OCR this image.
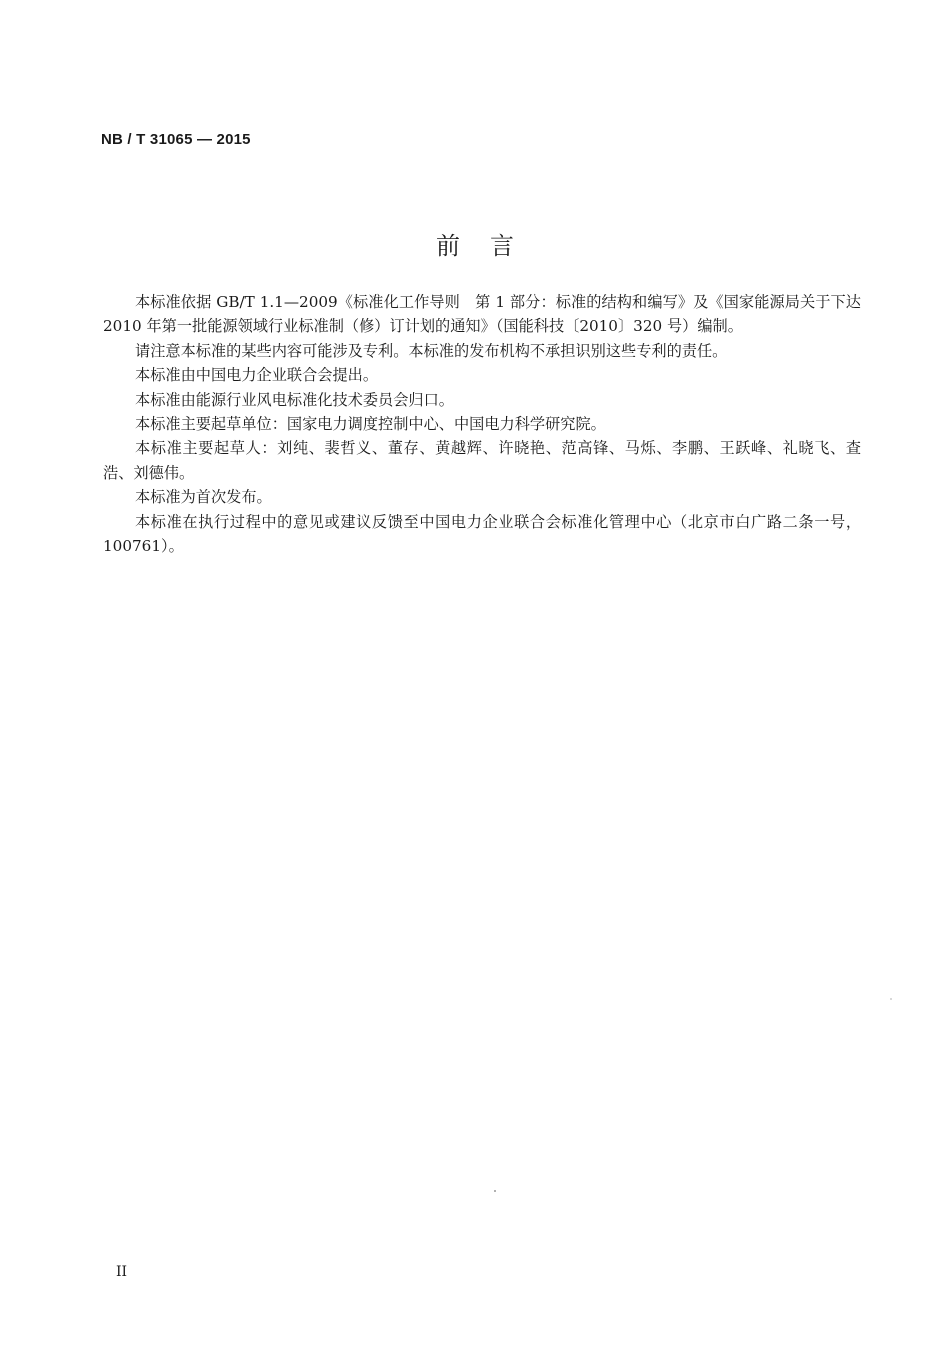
NB / T 31065 — 2015
前言

本标准依据 GB/T 1.1—2009《标准化工作导则　第 1 部分：标准的结构和编写》及《国家能源局关于下达 2010 年第一批能源领域行业标准制（修）订计划的通知》（国能科技〔2010〕320 号）编制。

请注意本标准的某些内容可能涉及专利。本标准的发布机构不承担识别这些专利的责任。

本标准由中国电力企业联合会提出。

本标准由能源行业风电标准化技术委员会归口。

本标准主要起草单位：国家电力调度控制中心、中国电力科学研究院。

本标准主要起草人：刘纯、裴哲义、董存、黄越辉、许晓艳、范高锋、马烁、李鹏、王跃峰、礼晓飞、查浩、刘德伟。

本标准为首次发布。

本标准在执行过程中的意见或建议反馈至中国电力企业联合会标准化管理中心（北京市白广路二条一号，100761）。

II
